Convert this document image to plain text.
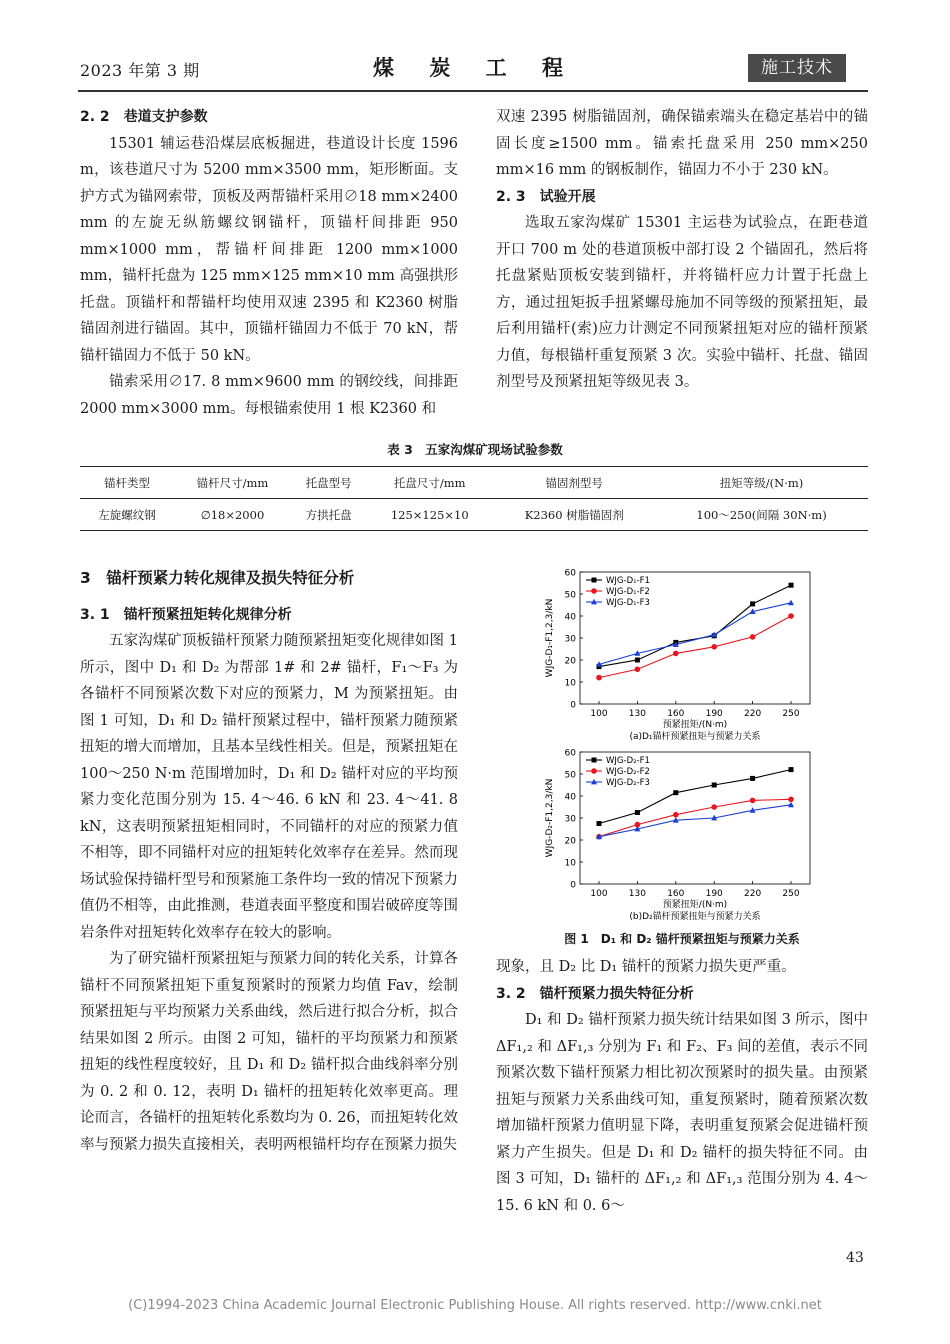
2023 年第 3 期	煤 炭 工 程	施工技术

2. 2　巷道支护参数

15301 辅运巷沿煤层底板掘进，巷道设计长度 1596 m，该巷道尺寸为 5200 mm×3500 mm，矩形断面。支护方式为锚网索带，顶板及两帮锚杆采用∅18 mm×2400 mm 的左旋无纵筋螺纹钢锚杆，顶锚杆间排距 950 mm×1000 mm，帮锚杆间排距 1200 mm×1000 mm，锚杆托盘为 125 mm×125 mm×10 mm 高强拱形托盘。顶锚杆和帮锚杆均使用双速 2395 和 K2360 树脂锚固剂进行锚固。其中，顶锚杆锚固力不低于 70 kN，帮锚杆锚固力不低于 50 kN。

锚索采用∅17. 8 mm×9600 mm 的钢绞线，间排距 2000 mm×3000 mm。每根锚索使用 1 根 K2360 和

双速 2395 树脂锚固剂，确保锚索端头在稳定基岩中的锚固长度≥1500 mm。锚索托盘采用 250 mm×250 mm×16 mm 的钢板制作，锚固力不小于 230 kN。

2. 3　试验开展

选取五家沟煤矿 15301 主运巷为试验点，在距巷道开口 700 m 处的巷道顶板中部打设 2 个锚固孔，然后将托盘紧贴顶板安装到锚杆，并将锚杆应力计置于托盘上方，通过扭矩扳手扭紧螺母施加不同等级的预紧扭矩，最后利用锚杆(索)应力计测定不同预紧扭矩对应的锚杆预紧力值，每根锚杆重复预紧 3 次。实验中锚杆、托盘、锚固剂型号及预紧扭矩等级见表 3。

表 3　五家沟煤矿现场试验参数
锚杆类型	锚杆尺寸/mm	托盘型号	托盘尺寸/mm	锚固剂型号	扭矩等级/(N·m)
左旋螺纹钢	∅18×2000	方拱托盘	125×125×10	K2360 树脂锚固剂	100～250(间隔 30N·m)

3　锚杆预紧力转化规律及损失特征分析

3. 1　锚杆预紧扭矩转化规律分析

五家沟煤矿顶板锚杆预紧力随预紧扭矩变化规律如图 1 所示，图中 D₁ 和 D₂ 为帮部 1# 和 2# 锚杆，F₁～F₃ 为各锚杆不同预紧次数下对应的预紧力，M 为预紧扭矩。由图 1 可知，D₁ 和 D₂ 锚杆预紧过程中，锚杆预紧力随预紧扭矩的增大而增加，且基本呈线性相关。但是，预紧扭矩在 100～250 N·m 范围增加时，D₁ 和 D₂ 锚杆对应的平均预紧力变化范围分别为 15. 4～46. 6 kN 和 23. 4～41. 8 kN，这表明预紧扭矩相同时，不同锚杆的对应的预紧力值不相等，即不同锚杆对应的扭矩转化效率存在差异。然而现场试验保持锚杆型号和预紧施工条件均一致的情况下预紧力值仍不相等，由此推测，巷道表面平整度和围岩破碎度等围岩条件对扭矩转化效率存在较大的影响。

为了研究锚杆预紧扭矩与预紧力间的转化关系，计算各锚杆不同预紧扭矩下重复预紧时的预紧力均值 Fav，绘制预紧扭矩与平均预紧力关系曲线，然后进行拟合分析，拟合结果如图 2 所示。由图 2 可知，锚杆的平均预紧力和预紧扭矩的线性程度较好，且 D₁ 和 D₂ 锚杆拟合曲线斜率分别为 0. 2 和 0. 12，表明 D₁ 锚杆的扭矩转化效率更高。理论而言，各锚杆的扭矩转化系数均为 0. 26，而扭矩转化效率与预紧力损失直接相关，表明两根锚杆均存在预紧力损失

0
10
20
30
40
50
60
100 130 160 190 220 250
预紧扭矩/(N·m)
WJG-D₁-F1,2,3/kN
(a)D₁锚杆预紧扭矩与预紧力关系
WJG-D₁-F1
WJG-D₁-F2
WJG-D₁-F3
0
10
20
30
40
50
60
100 130 160 190 220 250
预紧扭矩/(N·m)
WJG-D₂-F1,2,3/kN
(b)D₂锚杆预紧扭矩与预紧力关系
WJG-D₂-F1
WJG-D₂-F2
WJG-D₂-F3
图 1　D₁ 和 D₂ 锚杆预紧扭矩与预紧力关系

现象，且 D₂ 比 D₁ 锚杆的预紧力损失更严重。

3. 2　锚杆预紧力损失特征分析

D₁ 和 D₂ 锚杆预紧力损失统计结果如图 3 所示，图中 ΔF₁,₂ 和 ΔF₁,₃ 分别为 F₁ 和 F₂、F₃ 间的差值，表示不同预紧次数下锚杆预紧力相比初次预紧时的损失量。由预紧扭矩与预紧力关系曲线可知，重复预紧时，随着预紧次数增加锚杆预紧力值明显下降，表明重复预紧会促进锚杆预紧力产生损失。但是 D₁ 和 D₂ 锚杆的损失特征不同。由图 3 可知，D₁ 锚杆的 ΔF₁,₂ 和 ΔF₁,₃ 范围分别为 4. 4～15. 6 kN 和 0. 6～

43
(C)1994-2023 China Academic Journal Electronic Publishing House. All rights reserved. http://www.cnki.net
